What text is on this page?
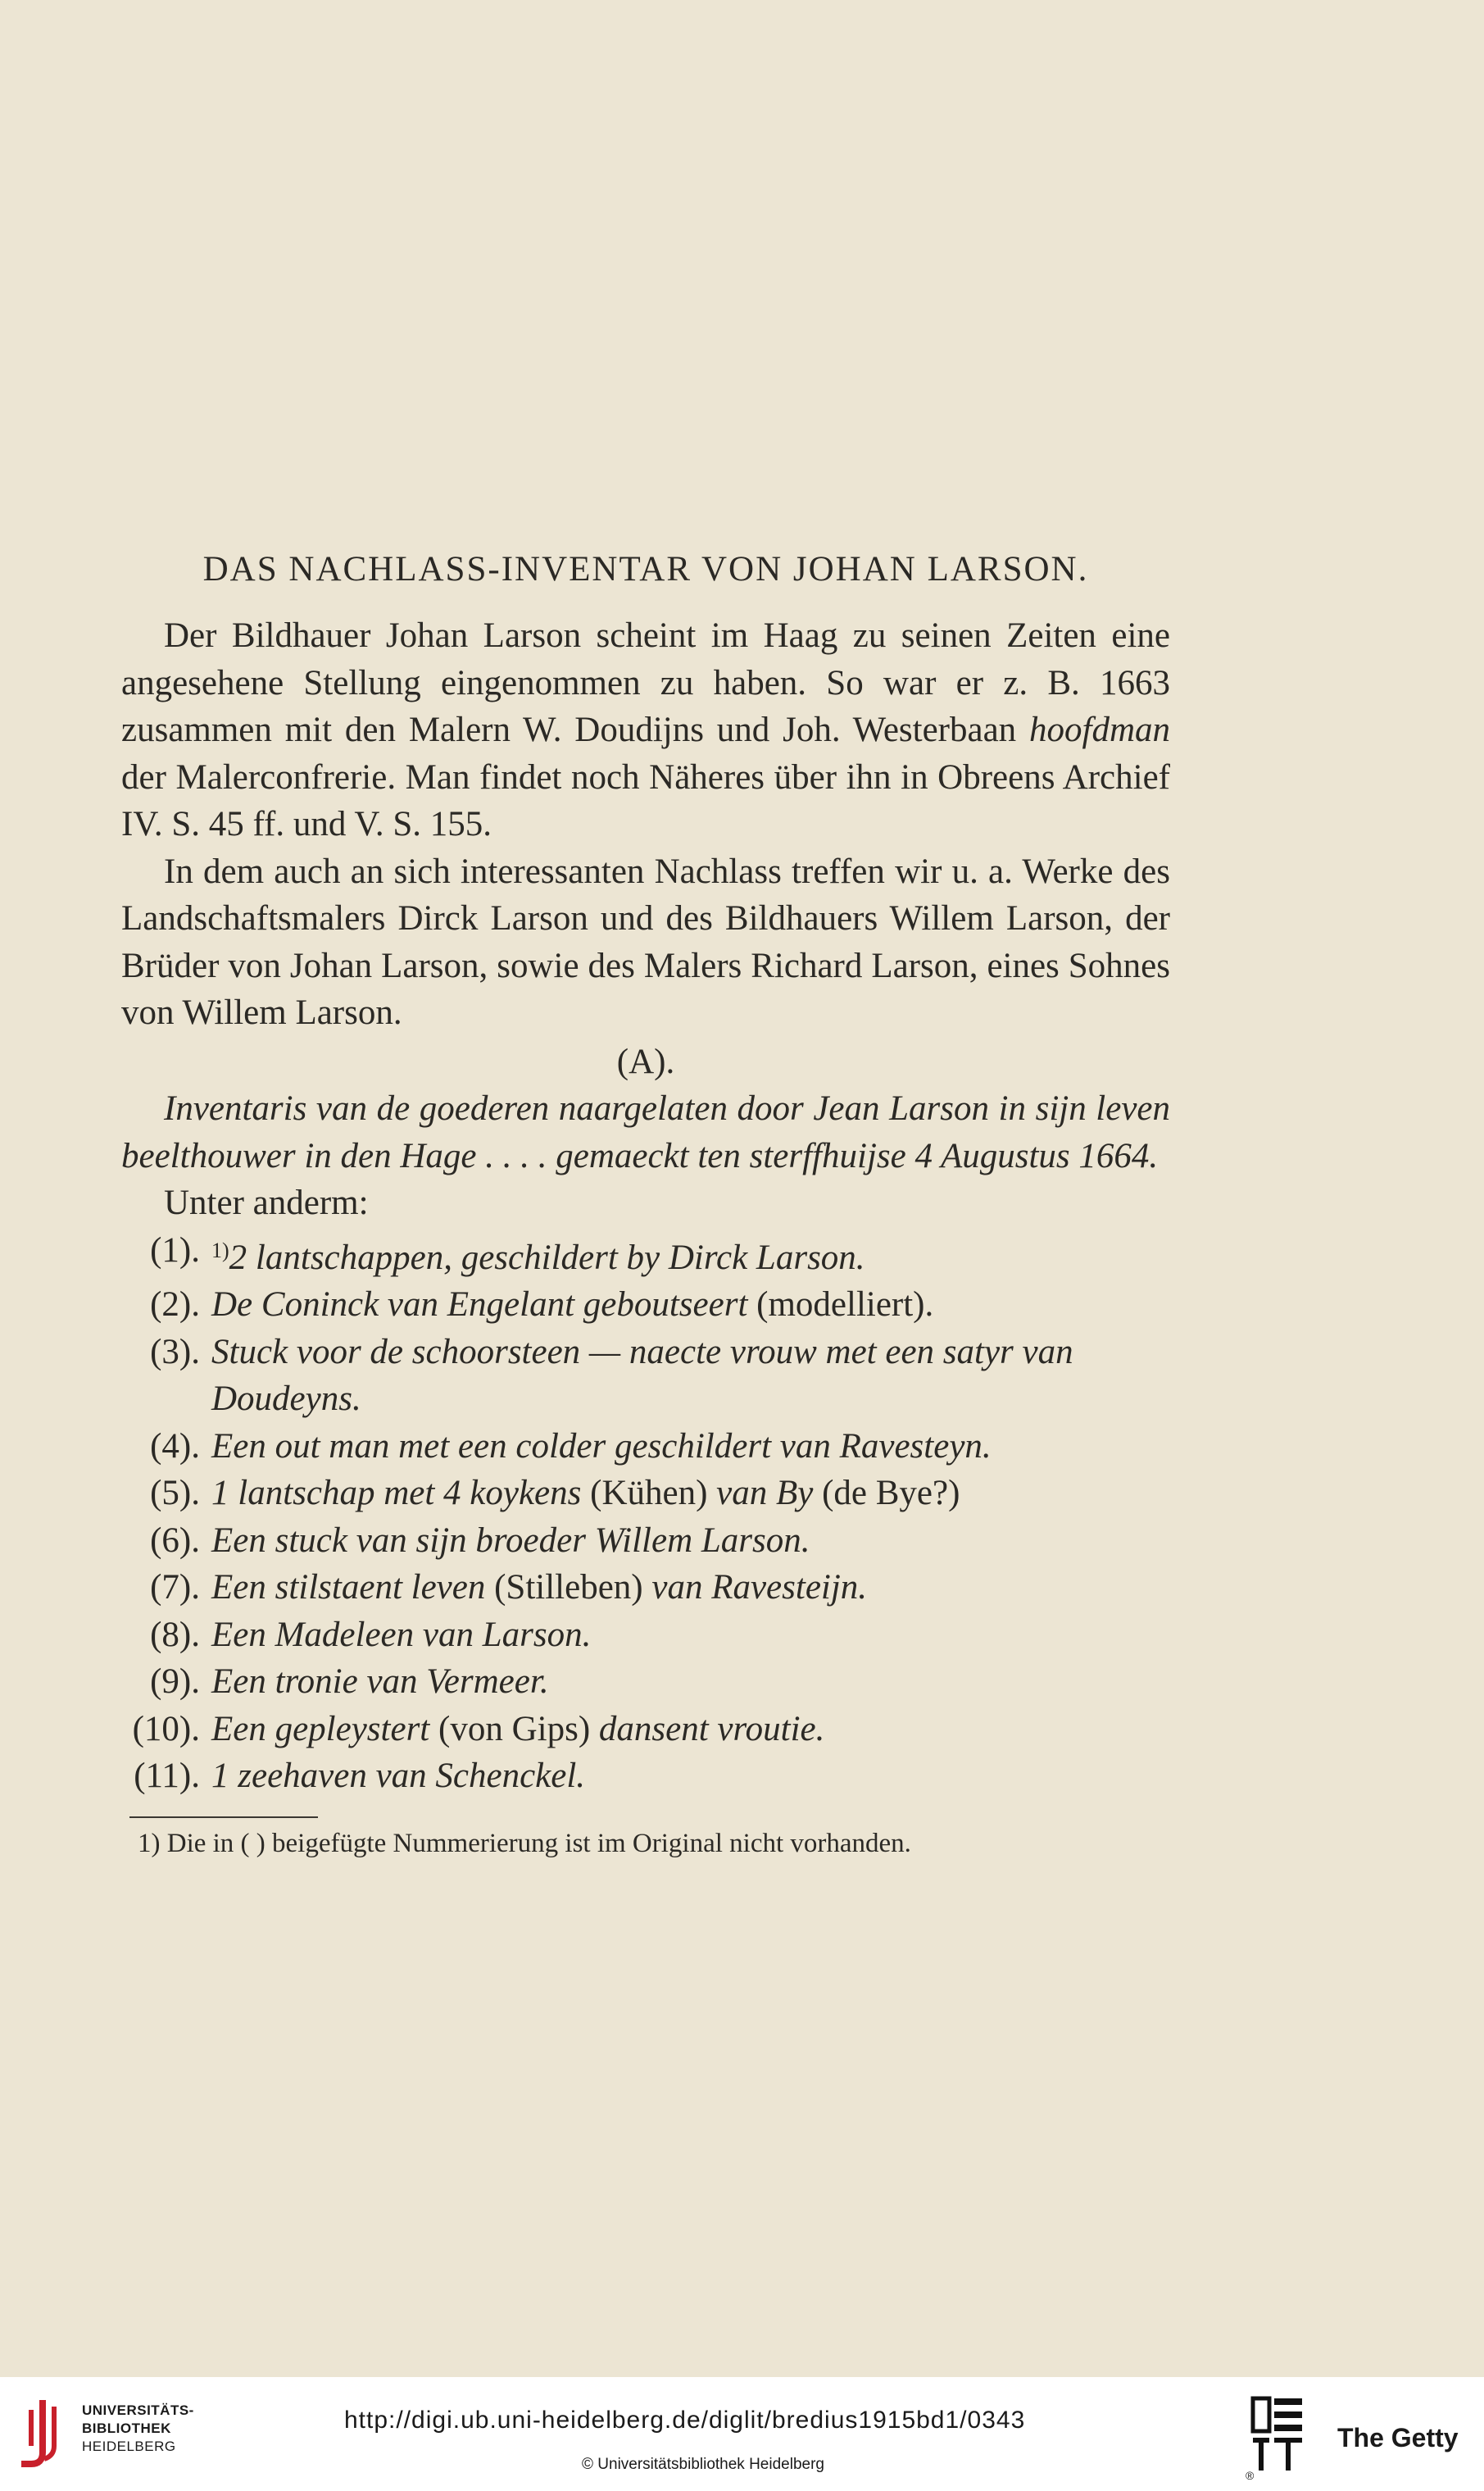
DAS NACHLASS-INVENTAR VON JOHAN LARSON.

Der Bildhauer Johan Larson scheint im Haag zu seinen Zeiten eine angesehene Stellung eingenommen zu haben. So war er z. B. 1663 zusammen mit den Malern W. Doudijns und Joh. Westerbaan hoofdman der Malerconfrerie. Man findet noch Näheres über ihn in Obreens Archief IV. S. 45 ff. und V. S. 155.

In dem auch an sich interessanten Nachlass treffen wir u. a. Werke des Landschaftsmalers Dirck Larson und des Bildhauers Willem Larson, der Brüder von Johan Larson, sowie des Malers Richard Larson, eines Sohnes von Willem Larson.

(A).

Inventaris van de goederen naargelaten door Jean Larson in sijn leven beelthouwer in den Hage . . . . gemaeckt ten sterffhuijse 4 Augustus 1664.

Unter anderm:

(1). $^{1)}$2 lantschappen, geschildert by Dirck Larson.
(2). De Coninck van Engelant geboutseert (modelliert).
(3). Stuck voor de schoorsteen — naecte vrouw met een satyr van Doudeyns.
(4). Een out man met een colder geschildert van Ravesteyn.
(5). 1 lantschap met 4 koykens (Kühen) van By (de Bye?)
(6). Een stuck van sijn broeder Willem Larson.
(7). Een stilstaent leven (Stilleben) van Ravesteijn.
(8). Een Madeleen van Larson.
(9). Een tronie van Vermeer.
(10). Een gepleystert (von Gips) dansent vroutie.
(11). 1 zeehaven van Schenckel.

1) Die in ( ) beigefügte Nummerierung ist im Original nicht vorhanden.

UNIVERSITÄTS-
BIBLIOTHEK
HEIDELBERG
http://digi.ub.uni-heidelberg.de/diglit/bredius1915bd1/0343
© Universitätsbibliothek Heidelberg
®
The Getty
